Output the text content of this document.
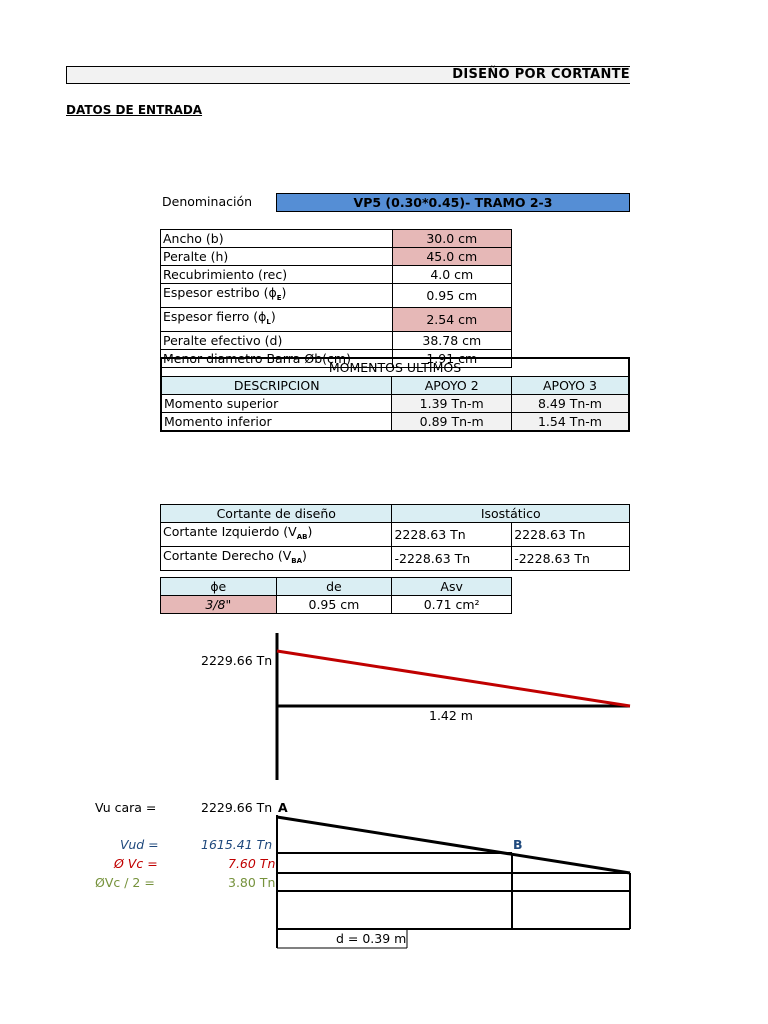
DISEÑO POR CORTANTE
DATOS DE ENTRADA
Denominación	VP5 (0.30*0.45)- TRAMO 2-3
Ancho (b)	30.0 cm
Peralte (h)	45.0 cm
Recubrimiento (rec)	4.0 cm
Espesor estribo $(\phi_E)$	0.95 cm
Espesor fierro $(\phi_L)$	2.54 cm
Peralte efectivo (d)	38.78 cm
Menor diametro Barra Øb(cm)	1.91 cm
MOMENTOS ULTIMOS		
DESCRIPCION	APOYO 2	APOYO 3
Momento superior	1.39 Tn-m	8.49 Tn-m
Momento inferior	0.89 Tn-m	1.54 Tn-m
Cortante de diseño	Isostático	
Cortante Izquierdo $(V_{AB})$	2228.63 Tn	2228.63 Tn
Cortante Derecho $(V_{BA})$	-2228.63 Tn	-2228.63 Tn
ϕe	de	Asv
3/8"	0.95 cm	0.71 cm²
2229.66 Tn
1.42 m
Vu cara =	2229.66 Tn A
B
Vud =	1615.41 Tn
Ø Vc =	7.60 Tn
ØVc / 2 =	3.80 Tn
d = 0.39 m
